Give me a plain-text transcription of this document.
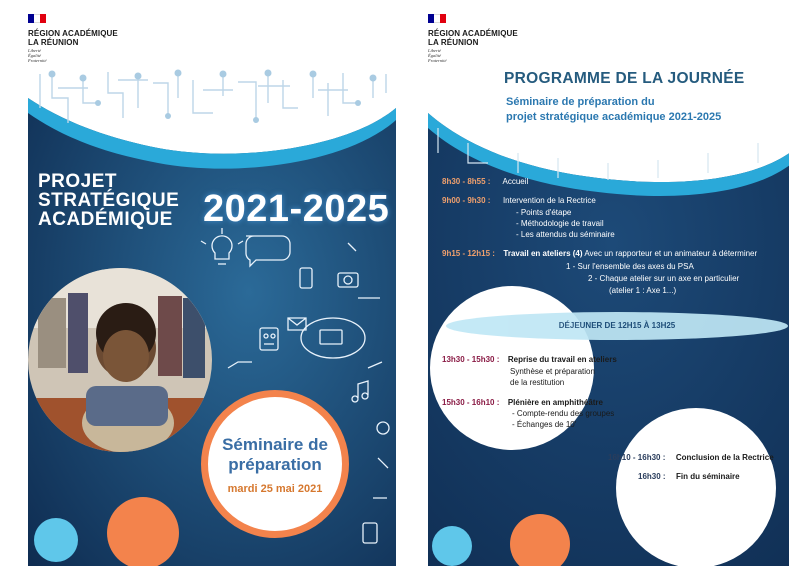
RÉGION ACADÉMIQUE
LA RÉUNION
Liberté
Égalité
Fraternité
PROJET
STRATÉGIQUE
ACADÉMIQUE 2021-2025
Séminaire de
préparation
mardi 25 mai 2021
RÉGION ACADÉMIQUE
LA RÉUNION
Liberté
Égalité
Fraternité
PROGRAMME DE LA JOURNÉE
Séminaire de préparation du
projet stratégique académique 2021-2025
8h30 - 8h55 : Accueil
9h00 - 9h30 : Intervention de la Rectrice
- Points d'étape
- Méthodologie de travail
- Les attendus du séminaire
9h15 - 12h15 : Travail en ateliers (4) Avec un rapporteur et un animateur à déterminer
1 - Sur l'ensemble des axes du PSA
2 - Chaque atelier sur un axe en particulier
(atelier 1 : Axe 1...)
DÉJEUNER DE 12H15 À 13H25
13h30 - 15h30 : Reprise du travail en ateliers
Synthèse et préparation
de la restitution
15h30 - 16h10 : Plénière en amphithéâtre
- Compte-rendu des groupes
- Échanges de 10'
16h10 - 16h30 : Conclusion de la Rectrice
16h30 : Fin du séminaire
